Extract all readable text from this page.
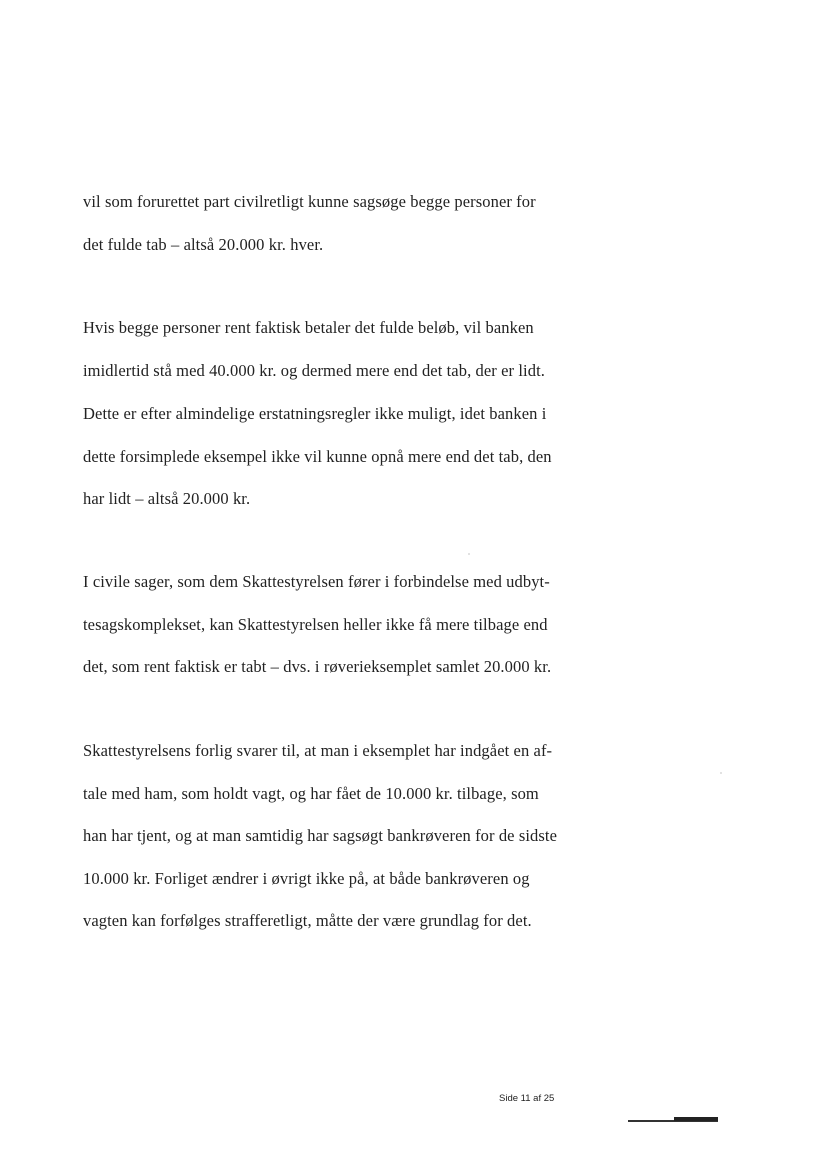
vil som forurettet part civilretligt kunne sagsøge begge personer for
det fulde tab – altså 20.000 kr. hver.
Hvis begge personer rent faktisk betaler det fulde beløb, vil banken
imidlertid stå med 40.000 kr. og dermed mere end det tab, der er lidt.
Dette er efter almindelige erstatningsregler ikke muligt, idet banken i
dette forsimplede eksempel ikke vil kunne opnå mere end det tab, den
har lidt – altså 20.000 kr.
I civile sager, som dem Skattestyrelsen fører i forbindelse med udbyt-
tesagskomplekset, kan Skattestyrelsen heller ikke få mere tilbage end
det, som rent faktisk er tabt – dvs. i røverieksemplet samlet 20.000 kr.
Skattestyrelsens forlig svarer til, at man i eksemplet har indgået en af-
tale med ham, som holdt vagt, og har fået de 10.000 kr. tilbage, som
han har tjent, og at man samtidig har sagsøgt bankrøveren for de sidste
10.000 kr. Forliget ændrer i øvrigt ikke på, at både bankrøveren og
vagten kan forfølges strafferetligt, måtte der være grundlag for det.
Side 11 af 25
